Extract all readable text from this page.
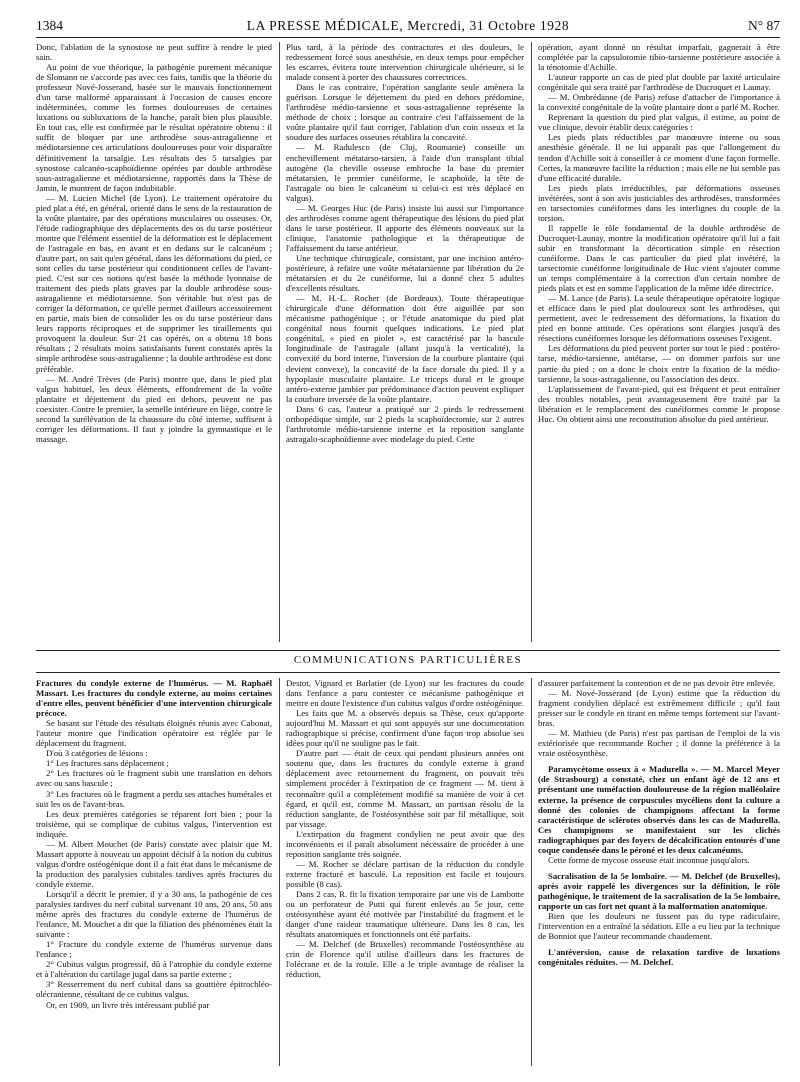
1384	LA PRESSE MÉDICALE, Mercredi, 31 Octobre 1928	N° 87

Donc, l'ablation de la synostose ne peut suffire à rendre le pied sain.

Au point de vue théorique, la pathogénie purement mécanique de Slomann ne s'accorde pas avec ces faits, tandis que la théorie du professeur Nové-Josserand, basée sur le mauvais fonctionnement d'un tarse malformé apparaissant à l'occasion de causes encore indéterminées, comme les formes douloureuses de certaines luxations ou subluxations de la hanche, paraît bien plus plausible. En tout cas, elle est confirmée par le résultat opératoire obtenu : il suffit de bloquer par une arthrodèse sous-astragalienne et médiotarsienne ces articulations douloureuses pour voir disparaître définitivement la tarsalgie. Les résultats des 5 tarsalgies par synostose calcanéo-scaphoïdienne opérées par double arthrodèse sous-astragalienne et médiotarsienne, rapportés dans la Thèse de Jamin, le montrent de façon indubitable.

— M. Lucien Michel (de Lyon). Le traitement opératoire du pied plat a été, en général, orienté dans le sens de la restauration de la voûte plantaire, par des opérations musculaires ou osseuses. Or, l'étude radiographique des déplacements des os du tarse postérieur montre que l'élément essentiel de la déformation est le déplacement de l'astragale en bas, en avant et en dedans sur le calcanéum ; d'autre part, on sait qu'en général, dans les déformations du pied, ce sont celles du tarse postérieur qui conditionnent celles de l'avant-pied. C'est sur ces notions qu'est basée la méthode lyonnaise de traitement des pieds plats graves par la double arthrodèse sous-astragalienne et médiotarsienne. Son véritable but n'est pas de corriger la déformation, ce qu'elle permet d'ailleurs accessoirement en partie, mais bien de consolider les os du tarse postérieur dans leurs rapports réciproques et de supprimer les tiraillements qui provoquent la douleur. Sur 21 cas opérés, on a obtenu 18 bons résultats ; 2 résultats moins satisfaisants furent constatés après la simple arthrodèse sous-astragalienne ; la double arthrodèse est donc préférable.

— M. André Trèves (de Paris) montre que, dans le pied plat valgus habituel, les deux éléments, effondrement de la voûte plantaire et déjettement du pied en dehors, peuvent ne pas coexister. Contre le premier, la semelle intérieure en liège, contre le second la surélévation de la chaussure du côté interne, suffisent à corriger les déformations. Il faut y joindre la gymnastique et le massage.

Plus tard, à la période des contractures et des douleurs, le redressement forcé sous anesthésie, en deux temps pour empêcher les escarres, évitera toute intervention chirurgicale ultérieure, si le malade consent à porter des chaussures correctrices.

Dans le cas contraire, l'opération sanglante seule amènera la guérison. Lorsque le déjettement du pied en dehors prédomine, l'arthrodèse médio-tarsienne et sous-astragalienne représente la méthode de choix ; lorsque au contraire c'est l'affaissement de la voûte plantaire qu'il faut corriger, l'ablation d'un coin osseux et la soudure des surfaces osseuses rétablira la concavité.

— M. Radulesco (de Cluj, Roumanie) conseille un enchevillement métatarso-tarsien, à l'aide d'un transplant tibial autogène (la cheville osseuse embroche la base du premier métatarsien, le premier cunéiforme, le scaphoïde, la tête de l'astragale ou bien le calcanéum si celui-ci est très déplacé en valgus).

— M. Georges Huc (de Paris) insiste lui aussi sur l'importance des arthrodèses comme agent thérapeutique des lésions du pied plat dans le tarse postérieur. Il apporte des éléments nouveaux sur la clinique, l'anatomie pathologique et la thérapeutique de l'affaissement du tarse antérieur.

Une technique chirurgicale, consistant, par une incision antéro-postérieure, à refaire une voûte métatarsienne par libération du 2e métatarsien et du 2e cunéiforme, lui a donné chez 5 adultes d'excellents résultats.

— M. H.-L. Rocher (de Bordeaux). Toute thérapeutique chirurgicale d'une déformation doit être aiguillée par son mécanisme pathogénique ; or l'étude anatomique du pied plat congénital nous fournit quelques indications. Le pied plat congénital, « pied en piolet », est caractérisé par la bascule longitudinale de l'astragale (allant jusqu'à la verticalité), la convexité du bord interne, l'inversion de la courbure plantaire (qui devient convexe), la concavité de la face dorsale du pied. Il y a hypoplasie musculaire plantaire. Le triceps dural et le groupe antéro-externe jambier par prédominance d'action peuvent expliquer la courbure inversée de la voûte plantaire.

Dans 6 cas, l'auteur a pratiqué sur 2 pieds le redressement orthopédique simple, sur 2 pieds la scaphoïdectomie, sur 2 autres l'arthrotomie médio-tarsienne interne et la reposition sanglante astragalo-scaphoïdienne avec modelage du pied. Cette

opération, ayant donné un résultat imparfait, gagnerait à être complétée par la capsulotomie tibio-tarsienne postérieure associée à la ténotomie d'Achille.

L'auteur rapporte un cas de pied plat double par laxité articulaire congénitale qui sera traité par l'arthrodèse de Ducroquet et Launay.

— M. Ombrédanne (de Paris) refuse d'attacher de l'importance à la convexité congénitale de la voûte plantaire dont a parlé M. Rocher.

Reprenant la question du pied plat valgus, il estime, au point de vue clinique, devoir établir deux catégories :

Les pieds plats réductibles par manœuvre interne ou sous anesthésie générale. Il ne lui apparaît pas que l'allongement du tendon d'Achille soit à conseiller à ce moment d'une façon formelle. Certes, la manœuvre facilite la réduction ; mais elle ne lui semble pas d'une efficacité durable.

Les pieds plats irréductibles, par déformations osseuses invétérées, sont à son avis justiciables des arthrodèses, transformées en tarsectomies cunéiformes dans les interlignes du couple de la torsion.

Il rappelle le rôle fondamental de la double arthrodèse de Ducroquet-Launay, montre la modification opératoire qu'il lui a fait subir en transformant la décortication simple en résection cunéiforme. Dans le cas particulier du pied plat invétéré, la tarsectomie cunéiforme longitudinale de Huc vient s'ajouter comme un temps complémentaire à la correction d'un certain nombre de pieds plats et est en somme l'application de la même idée directrice.

— M. Lance (de Paris). La seule thérapeutique opératoire logique et efficace dans le pied plat douloureux sont les arthrodèses, qui permettent, avec le redressement des déformations, la fixation du pied en bonne attitude. Ces opérations sont élargies jusqu'à des résections cunéiformes lorsque les déformations osseuses l'exigent.

Les déformations du pied peuvent porter sur tout le pied : postéro-tarse, médio-tarsienne, antétarse, — on dommer parfois sur une partie du pied ; on a donc le choix entre la fixation de la médio-tarsienne, la sous-astragalienne, ou l'association des deux.

L'aplatissement de l'avant-pied, qui est fréquent et peut entraîner des troubles notables, peut avantageusement être traité par la libération et le remplacement des cunéiformes comme le propose Huc. On obtient ainsi une reconstitution absolue du pied antérieur.

COMMUNICATIONS PARTICULIÈRES

Fractures du condyle externe de l'humérus. — M. Raphaël Massart. Les fractures du condyle externe, au moins certaines d'entre elles, peuvent bénéficier d'une intervention chirurgicale précoce.

Se basant sur l'étude des résultats éloignés réunis avec Cabonat, l'auteur montre que l'indication opératoire est réglée par le déplacement du fragment.

D'où 3 catégories de lésions :

1° Les fractures sans déplacement ;

2° Les fractures où le fragment subit une translation en dehors avec ou sans bascule ;

3° Les fractures où le fragment a perdu ses attaches humérales et suit les os de l'avant-bras.

Les deux premières catégories se réparent fort bien ; pour la troisième, qui se complique de cubitus valgus, l'intervention est indiquée.

— M. Albert Mouchet (de Paris) constate avec plaisir que M. Massart apporte à nouveau un appoint décisif à la notion du cubitus valgus d'ordre ostéogénique dont il a fait état dans le mécanisme de la production des paralysies cubitales tardives après fractures du condyle externe.

Lorsqu'il a décrit le premier, il y a 30 ans, la pathogénie de ces paralysies tardives du nerf cubital survenant 10 ans, 20 ans, 50 ans même après des fractures du condyle externe de l'humérus de l'enfance, M. Mouchet a dit que la filiation des phénomènes était la suivante :

1° Fracture du condyle externe de l'humérus survenue dans l'enfance ;

2° Cubitus valgus progressif, dû à l'atrophie du condyle externe et à l'altération du cartilage jugal dans sa partie externe ;

3° Resserrement du nerf cubital dans sa gouttière épitrochléo-olécranienne, résultant de ce cubitus valgus.

Or, en 1909, un livre très intéressant publié par

Destot, Vignard et Barlatier (de Lyon) sur les fractures du coude dans l'enfance a paru contester ce mécanisme pathogénique et mettre en doute l'existence d'un cubitus valgus d'ordre ostéogénique.

Les faits que M. a observés depuis sa Thèse, ceux qu'apporte aujourd'hui M. Massart et qui sont appuyés sur une documentation radiographique si précise, confirment d'une façon trop absolue ses idées pour qu'il ne souligne pas le fait.

D'autre part — était de ceux qui pendant plusieurs années ont soutenu que, dans les fractures du condyle externe à grand déplacement avec retournement du fragment, on pouvait très simplement procéder à l'extirpation de ce fragment — M. tient à reconnaître qu'il a complètement modifié sa manière de voir à cet égard, et qu'il est, comme M. Massart, un partisan résolu de la réduction sanglante, de l'ostéosynthèse soit par fil métallique, soit par vissage.

L'extirpation du fragment condylien ne peut avoir que des inconvénients et il paraît absolument nécessaire de procéder à une reposition sanglante très soignée.

— M. Rocher se déclare partisan de la réduction du condyle externe fracturé et basculé. La reposition est facile et toujours possible (8 cas).

Dans 2 cas, R. fit la fixation temporaire par une vis de Lambotte ou un perforateur de Putti qui furent enlevés au 5e jour, cette ostéosynthèse ayant été motivée par l'instabilité du fragment et le danger d'une raideur traumatique ultérieure. Dans les 8 cas, les résultats anatomiques et fonctionnels ont été parfaits.

— M. Delchef (de Bruxelles) recommande l'ostéosynthèse au crin de Florence qu'il utilise d'ailleurs dans les fractures de l'olécrane et de la rotule. Elle a le triple avantage de réaliser la réduction,

d'assurer parfaitement la contention et de ne pas devoir être enlevée.

— M. Nové-Josserand (de Lyon) estime que la réduction du fragment condylien déplacé est extrêmement difficile ; qu'il faut presser sur le condyle en tirant en même temps fortement sur l'avant-bras.

— M. Mathieu (de Paris) n'est pas partisan de l'emploi de la vis extériorisée que recommande Rocher ; il donne la préférence à la vraie ostéosynthèse.

Paramycétome osseux à « Madurella ». — M. Marcel Meyer (de Strasbourg) a constaté, chez un enfant âgé de 12 ans et présentant une tuméfaction douloureuse de la région malléolaire externe, la présence de corpuscules mycéliens dont la culture a donné des colonies de champignons affectant la forme caractéristique de sclérotes observés dans les cas de Madurella. Ces champignons se manifestaient sur les clichés radiographiques par des foyers de décalcification entourés d'une coque condensée dans le péroné et les deux calcanéums.

Cette forme de mycose osseuse était inconnue jusqu'alors.

Sacralisation de la 5e lombaire. — M. Delchef (de Bruxelles), après avoir rappelé les divergences sur la définition, le rôle pathogénique, le traitement de la sacralisation de la 5e lombaire, rapporte un cas fort net quant à la malformation anatomique.

Bien que les douleurs ne fussent pas du type radiculaire, l'intervention en a entraîné la sédation. Elle a eu lieu par la technique de Bonniot que l'auteur recommande chaudement.

L'antéversion, cause de relaxation tardive de luxations congénitales réduites. — M. Delchef.
